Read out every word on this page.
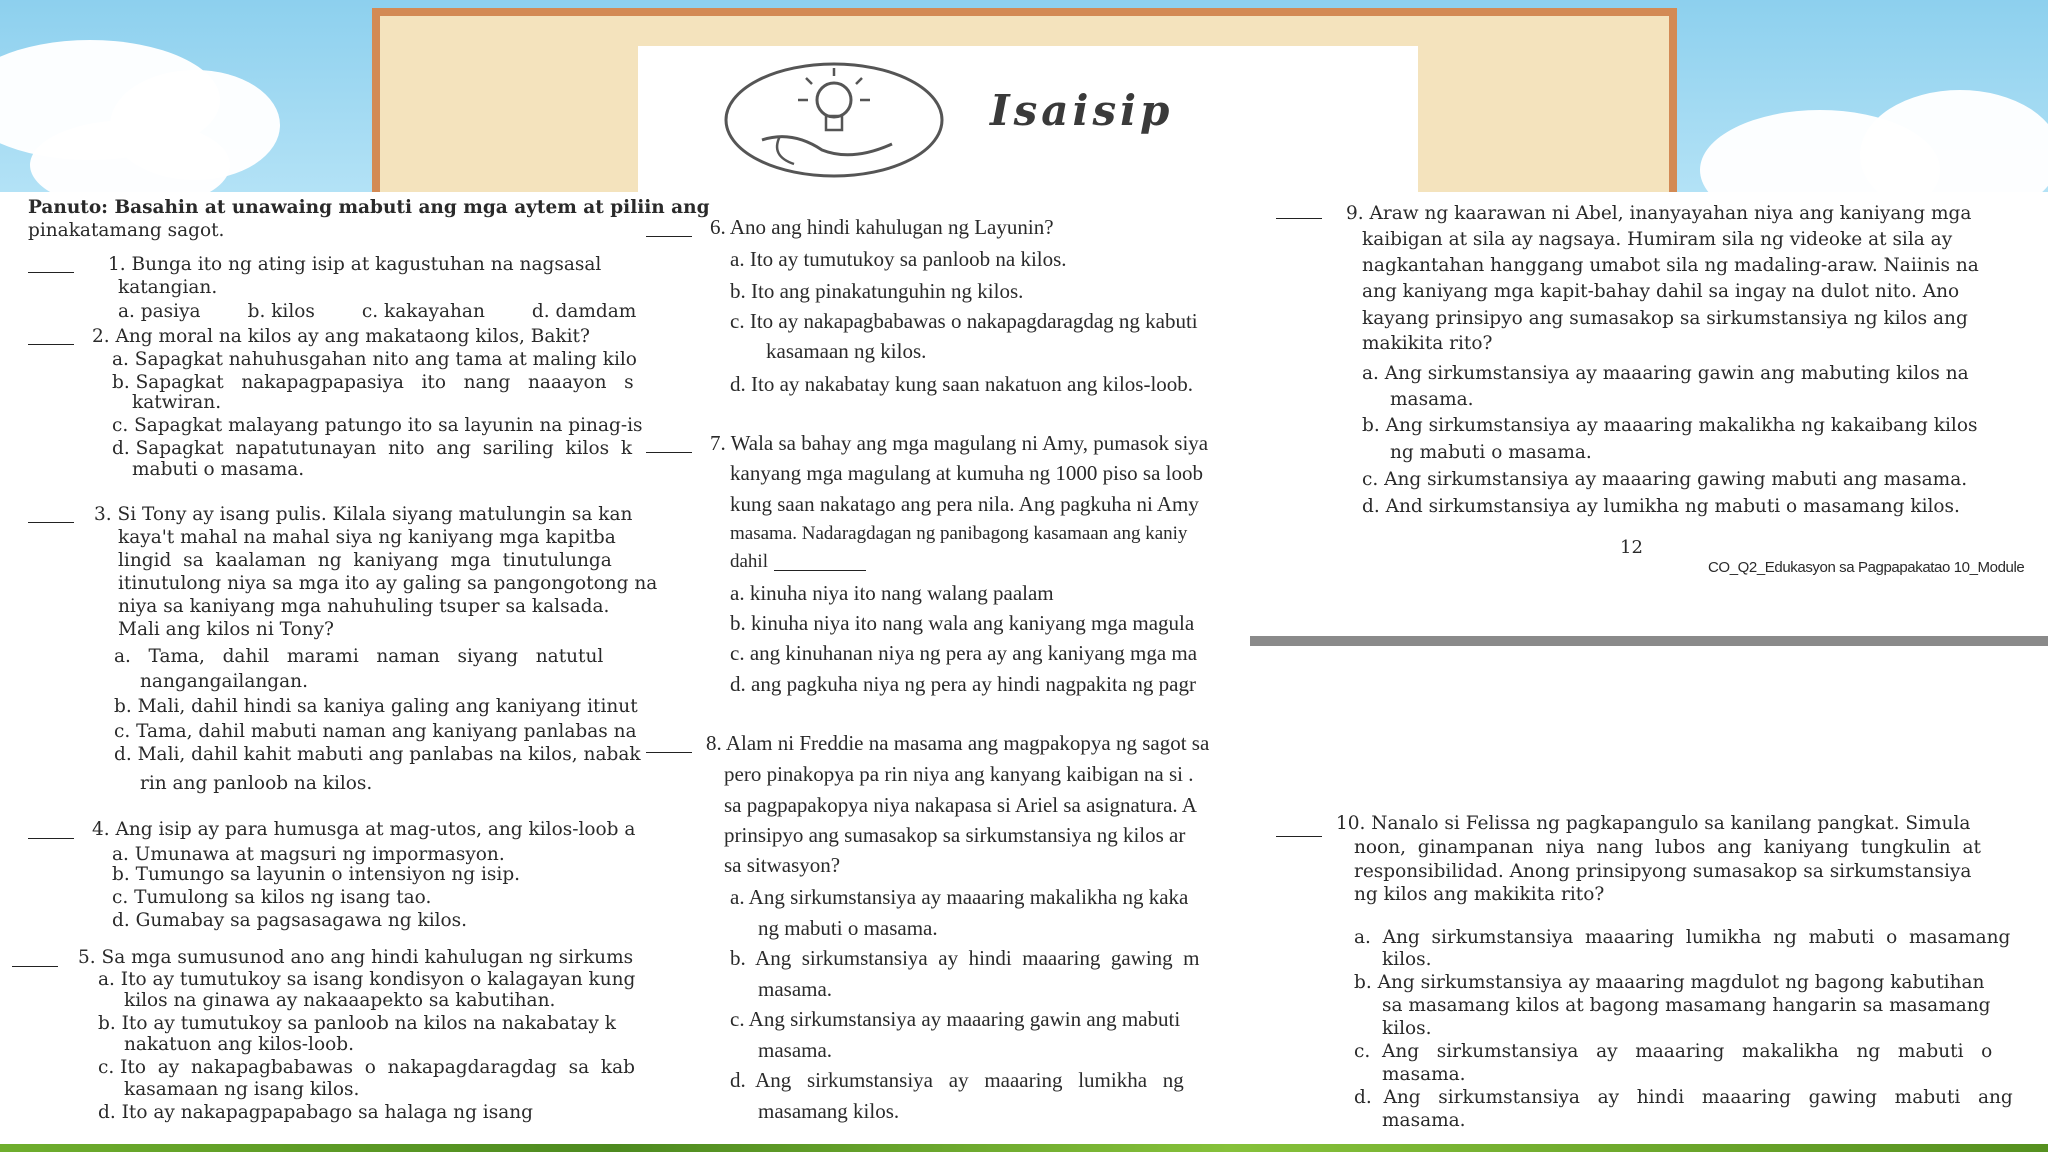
Isaisip
Panuto: Basahin at unawaing mabuti ang mga aytem at piliin ang
pinakatamang sagot.
1. Bunga ito ng ating isip at kagustuhan na nagsasal
katangian.
a. pasiya        b. kilos        c. kakayahan        d. damdam
2. Ang moral na kilos ay ang makataong kilos, Bakit?
a. Sapagkat nahuhusgahan nito ang tama at maling kilo
b. Sapagkat   nakapagpapasiya   ito   nang   naaayon   s
katwiran.
c. Sapagkat malayang patungo ito sa layunin na pinag-is
d. Sapagkat  napatutunayan  nito  ang  sariling  kilos  k
mabuti o masama.
3. Si Tony ay isang pulis. Kilala siyang matulungin sa kan
kaya't mahal na mahal siya ng kaniyang mga kapitba
lingid  sa  kaalaman  ng  kaniyang  mga  tinutulunga
itinutulong niya sa mga ito ay galing sa pangongotong na
niya sa kaniyang mga nahuhuling tsuper sa kalsada.
Mali ang kilos ni Tony?
a.   Tama,   dahil   marami   naman   siyang   natutul
nangangailangan.
b. Mali, dahil hindi sa kaniya galing ang kaniyang itinut
c. Tama, dahil mabuti naman ang kaniyang panlabas na
d. Mali, dahil kahit mabuti ang panlabas na kilos, nabak
rin ang panloob na kilos.
4. Ang isip ay para humusga at mag-utos, ang kilos-loob a
a. Umunawa at magsuri ng impormasyon.
b. Tumungo sa layunin o intensiyon ng isip.
c. Tumulong sa kilos ng isang tao.
d. Gumabay sa pagsasagawa ng kilos.
5. Sa mga sumusunod ano ang hindi kahulugan ng sirkums
a. Ito ay tumutukoy sa isang kondisyon o kalagayan kung
kilos na ginawa ay nakaaapekto sa kabutihan.
b. Ito ay tumutukoy sa panloob na kilos na nakabatay k
nakatuon ang kilos-loob.
c. Ito  ay  nakapagbabawas  o  nakapagdaragdag  sa  kab
kasamaan ng isang kilos.
d. Ito ay nakapagpapabago sa halaga ng isang
6. Ano ang hindi kahulugan ng Layunin?
a. Ito ay tumutukoy sa panloob na kilos.
b. Ito ang pinakatunguhin ng kilos.
c. Ito ay nakapagbabawas o nakapagdaragdag ng kabuti
kasamaan ng kilos.
d. Ito ay nakabatay kung saan nakatuon ang kilos-loob.
7. Wala sa bahay ang mga magulang ni Amy, pumasok siya
kanyang mga magulang at kumuha ng 1000 piso sa loob
kung saan nakatago ang pera nila. Ang pagkuha ni Amy
masama. Nadaragdagan ng panibagong kasamaan ang kaniy
dahil
a. kinuha niya ito nang walang paalam
b. kinuha niya ito nang wala ang kaniyang mga magula
c. ang kinuhanan niya ng pera ay ang kaniyang mga ma
d. ang pagkuha niya ng pera ay hindi nagpakita ng pagr
8. Alam ni Freddie na masama ang magpakopya ng sagot sa
pero pinakopya pa rin niya ang kanyang kaibigan na si .
sa pagpapakopya niya nakapasa si Ariel sa asignatura. A
prinsipyo ang sumasakop sa sirkumstansiya ng kilos ar
sa sitwasyon?
a. Ang sirkumstansiya ay maaaring makalikha ng kaka
ng mabuti o masama.
b.  Ang  sirkumstansiya  ay  hindi  maaaring  gawing  m
masama.
c. Ang sirkumstansiya ay maaaring gawin ang mabuti
masama.
d.  Ang   sirkumstansiya   ay   maaaring   lumikha   ng
masamang kilos.
9. Araw ng kaarawan ni Abel, inanyayahan niya ang kaniyang mga
kaibigan at sila ay nagsaya. Humiram sila ng videoke at sila ay
nagkantahan hanggang umabot sila ng madaling-araw. Naiinis na
ang kaniyang mga kapit-bahay dahil sa ingay na dulot nito. Ano
kayang prinsipyo ang sumasakop sa sirkumstansiya ng kilos ang
makikita rito?
a. Ang sirkumstansiya ay maaaring gawin ang mabuting kilos na
masama.
b. Ang sirkumstansiya ay maaaring makalikha ng kakaibang kilos
ng mabuti o masama.
c. Ang sirkumstansiya ay maaaring gawing mabuti ang masama.
d. And sirkumstansiya ay lumikha ng mabuti o masamang kilos.
12
CO_Q2_Edukasyon sa Pagpapakatao 10_Module
10. Nanalo si Felissa ng pagkapangulo sa kanilang pangkat. Simula
noon,  ginampanan  niya  nang  lubos  ang  kaniyang  tungkulin  at
responsibilidad. Anong prinsipyong sumasakop sa sirkumstansiya
ng kilos ang makikita rito?
a.  Ang  sirkumstansiya  maaaring  lumikha  ng  mabuti  o  masamang
kilos.
b. Ang sirkumstansiya ay maaaring magdulot ng bagong kabutihan
sa masamang kilos at bagong masamang hangarin sa masamang
kilos.
c.  Ang   sirkumstansiya   ay   maaaring   makalikha   ng   mabuti   o
masama.
d.  Ang   sirkumstansiya   ay   hindi   maaaring   gawing   mabuti   ang
masama.
